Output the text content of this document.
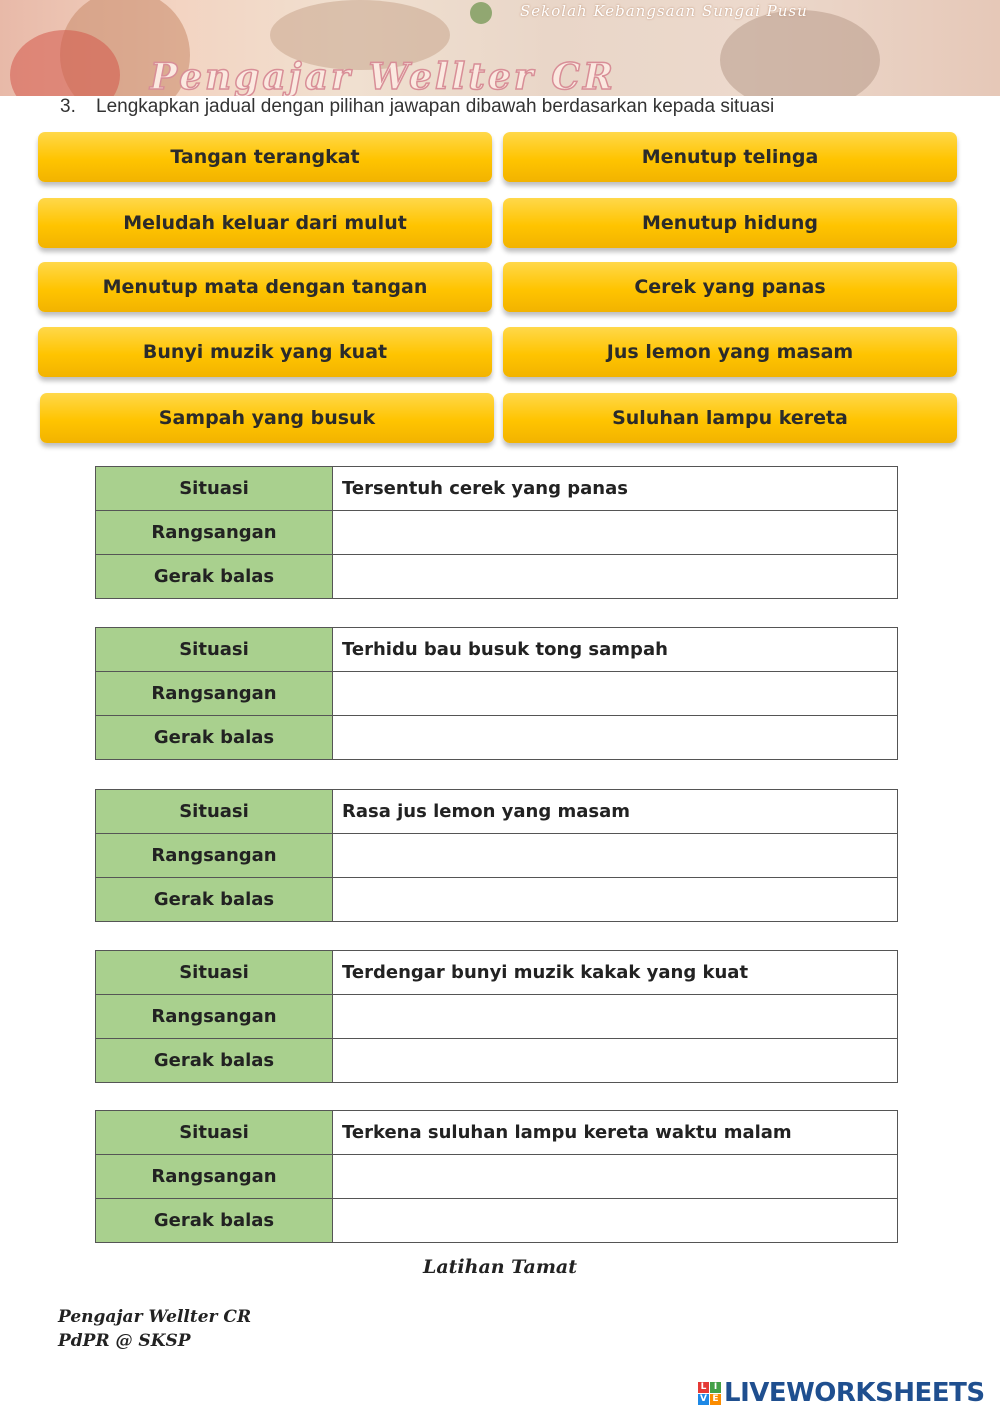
Sekolah Kebangsaan Sungai Pusu
Pengajar Wellter CR
3. Lengkapkan jadual dengan pilihan jawapan dibawah berdasarkan kepada situasi
Tangan terangkat	Menutup telinga
Meludah keluar dari mulut	Menutup hidung
Menutup mata dengan tangan	Cerek yang panas
Bunyi muzik yang kuat	Jus lemon yang masam
Sampah yang busuk	Suluhan lampu kereta
Situasi	Tersentuh cerek yang panas
Rangsangan	
Gerak balas	
Situasi	Terhidu bau busuk tong sampah
Rangsangan	
Gerak balas	
Situasi	Rasa jus lemon yang masam
Rangsangan	
Gerak balas	
Situasi	Terdengar bunyi muzik kakak yang kuat
Rangsangan	
Gerak balas	
Situasi	Terkena suluhan lampu kereta waktu malam
Rangsangan	
Gerak balas	
Latihan Tamat
Pengajar Wellter CR
PdPR @ SKSP
L I
V E LIVEWORKSHEETS
